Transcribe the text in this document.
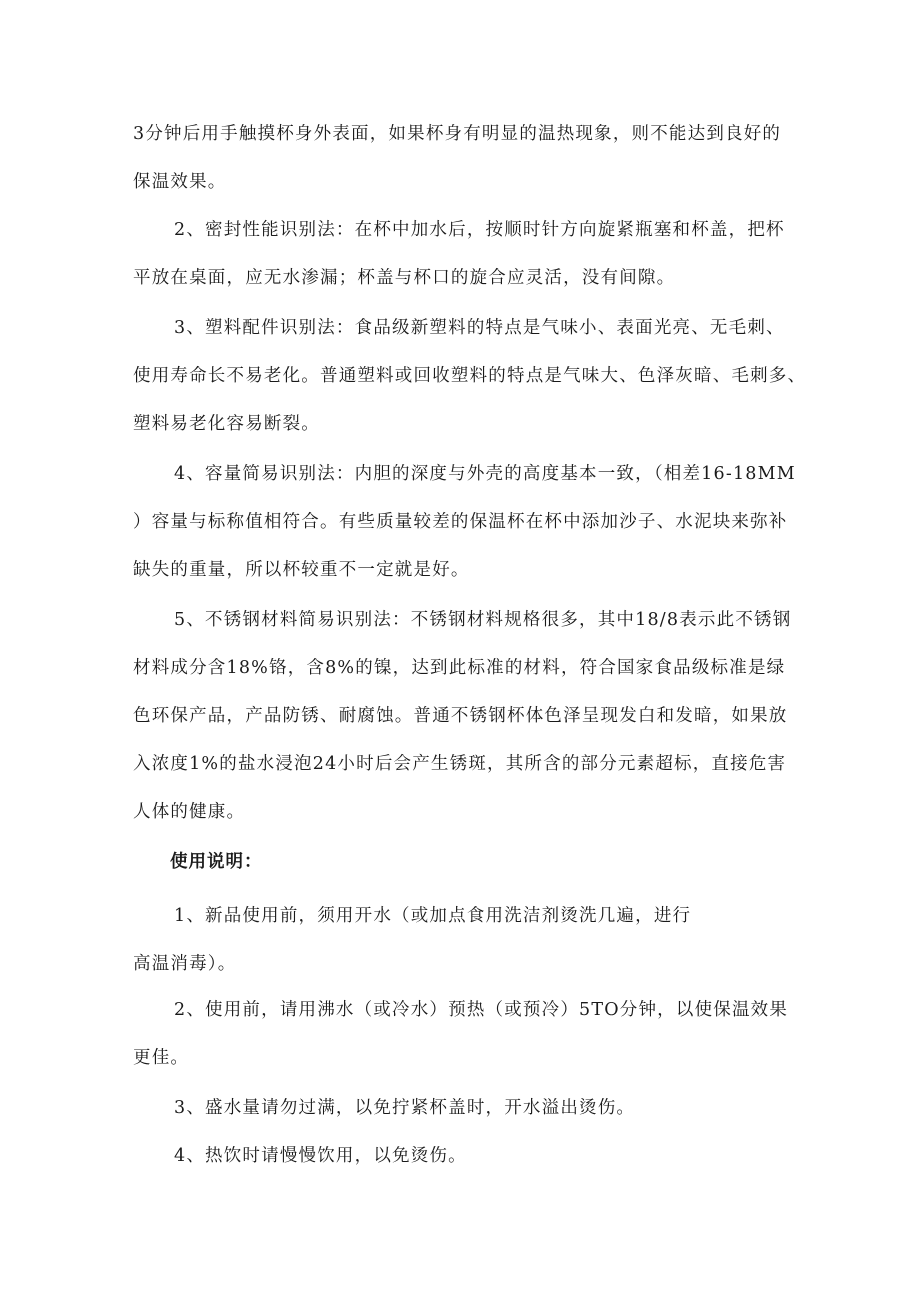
3分钟后用手触摸杯身外表面，如果杯身有明显的温热现象，则不能达到良好的
保温效果。
2、密封性能识别法：在杯中加水后，按顺时针方向旋紧瓶塞和杯盖，把杯
平放在桌面，应无水渗漏；杯盖与杯口的旋合应灵活，没有间隙。
3、塑料配件识别法：食品级新塑料的特点是气味小、表面光亮、无毛刺、
使用寿命长不易老化。普通塑料或回收塑料的特点是气味大、色泽灰暗、毛刺多、
塑料易老化容易断裂。
4、容量简易识别法：内胆的深度与外壳的高度基本一致，（相差16-18MM
）容量与标称值相符合。有些质量较差的保温杯在杯中添加沙子、水泥块来弥补
缺失的重量，所以杯较重不一定就是好。
5、不锈钢材料简易识别法：不锈钢材料规格很多，其中18/8表示此不锈钢
材料成分含18%铬，含8%的镍，达到此标准的材料，符合国家食品级标准是绿
色环保产品，产品防锈、耐腐蚀。普通不锈钢杯体色泽呈现发白和发暗，如果放
入浓度1%的盐水浸泡24小时后会产生锈斑，其所含的部分元素超标，直接危害
人体的健康。
使用说明：
1、新品使用前，须用开水（或加点食用洗洁剂烫洗几遍，进行
高温消毒）。
2、使用前，请用沸水（或冷水）预热（或预冷）5TO分钟，以使保温效果
更佳。
3、盛水量请勿过满，以免拧紧杯盖时，开水溢出烫伤。
4、热饮时请慢慢饮用，以免烫伤。
